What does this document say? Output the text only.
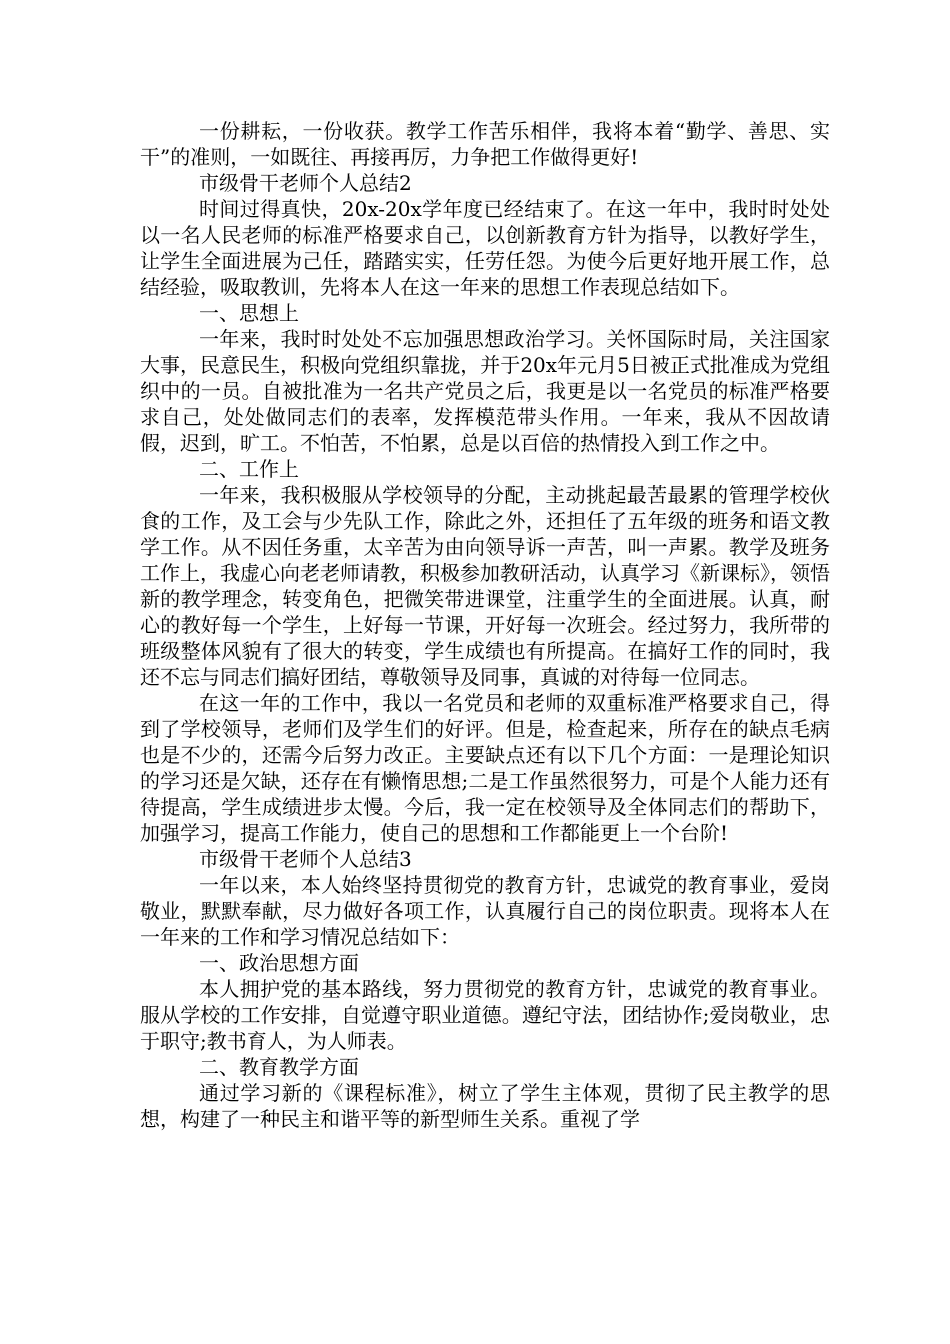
一份耕耘，一份收获。教学工作苦乐相伴，我将本着“勤学、善思、实干”的准则，一如既往、再接再厉，力争把工作做得更好!

市级骨干老师个人总结2

时间过得真快，20x-20x学年度已经结束了。在这一年中，我时时处处以一名人民老师的标准严格要求自己，以创新教育方针为指导，以教好学生，让学生全面进展为己任，踏踏实实，任劳任怨。为使今后更好地开展工作，总结经验，吸取教训，先将本人在这一年来的思想工作表现总结如下。

一、思想上

一年来，我时时处处不忘加强思想政治学习。关怀国际时局，关注国家大事，民意民生，积极向党组织靠拢，并于20x年元月5日被正式批准成为党组织中的一员。自被批准为一名共产党员之后，我更是以一名党员的标准严格要求自己，处处做同志们的表率，发挥模范带头作用。一年来，我从不因故请假，迟到，旷工。不怕苦，不怕累，总是以百倍的热情投入到工作之中。

二、工作上

一年来，我积极服从学校领导的分配，主动挑起最苦最累的管理学校伙食的工作，及工会与少先队工作，除此之外，还担任了五年级的班务和语文教学工作。从不因任务重，太辛苦为由向领导诉一声苦，叫一声累。教学及班务工作上，我虚心向老老师请教，积极参加教研活动，认真学习《新课标》，领悟新的教学理念，转变角色，把微笑带进课堂，注重学生的全面进展。认真，耐心的教好每一个学生，上好每一节课，开好每一次班会。经过努力，我所带的班级整体风貌有了很大的转变，学生成绩也有所提高。在搞好工作的同时，我还不忘与同志们搞好团结，尊敬领导及同事，真诚的对待每一位同志。

在这一年的工作中，我以一名党员和老师的双重标准严格要求自己，得到了学校领导，老师们及学生们的好评。但是，检查起来，所存在的缺点毛病也是不少的，还需今后努力改正。主要缺点还有以下几个方面：一是理论知识的学习还是欠缺，还存在有懒惰思想;二是工作虽然很努力，可是个人能力还有待提高，学生成绩进步太慢。今后，我一定在校领导及全体同志们的帮助下，加强学习，提高工作能力，使自己的思想和工作都能更上一个台阶!

市级骨干老师个人总结3

一年以来，本人始终坚持贯彻党的教育方针，忠诚党的教育事业，爱岗敬业，默默奉献，尽力做好各项工作，认真履行自己的岗位职责。现将本人在一年来的工作和学习情况总结如下：

一、政治思想方面

本人拥护党的基本路线，努力贯彻党的教育方针，忠诚党的教育事业。服从学校的工作安排，自觉遵守职业道德。遵纪守法，团结协作;爱岗敬业，忠于职守;教书育人，为人师表。

二、教育教学方面

通过学习新的《课程标准》，树立了学生主体观，贯彻了民主教学的思想，构建了一种民主和谐平等的新型师生关系。重视了学
